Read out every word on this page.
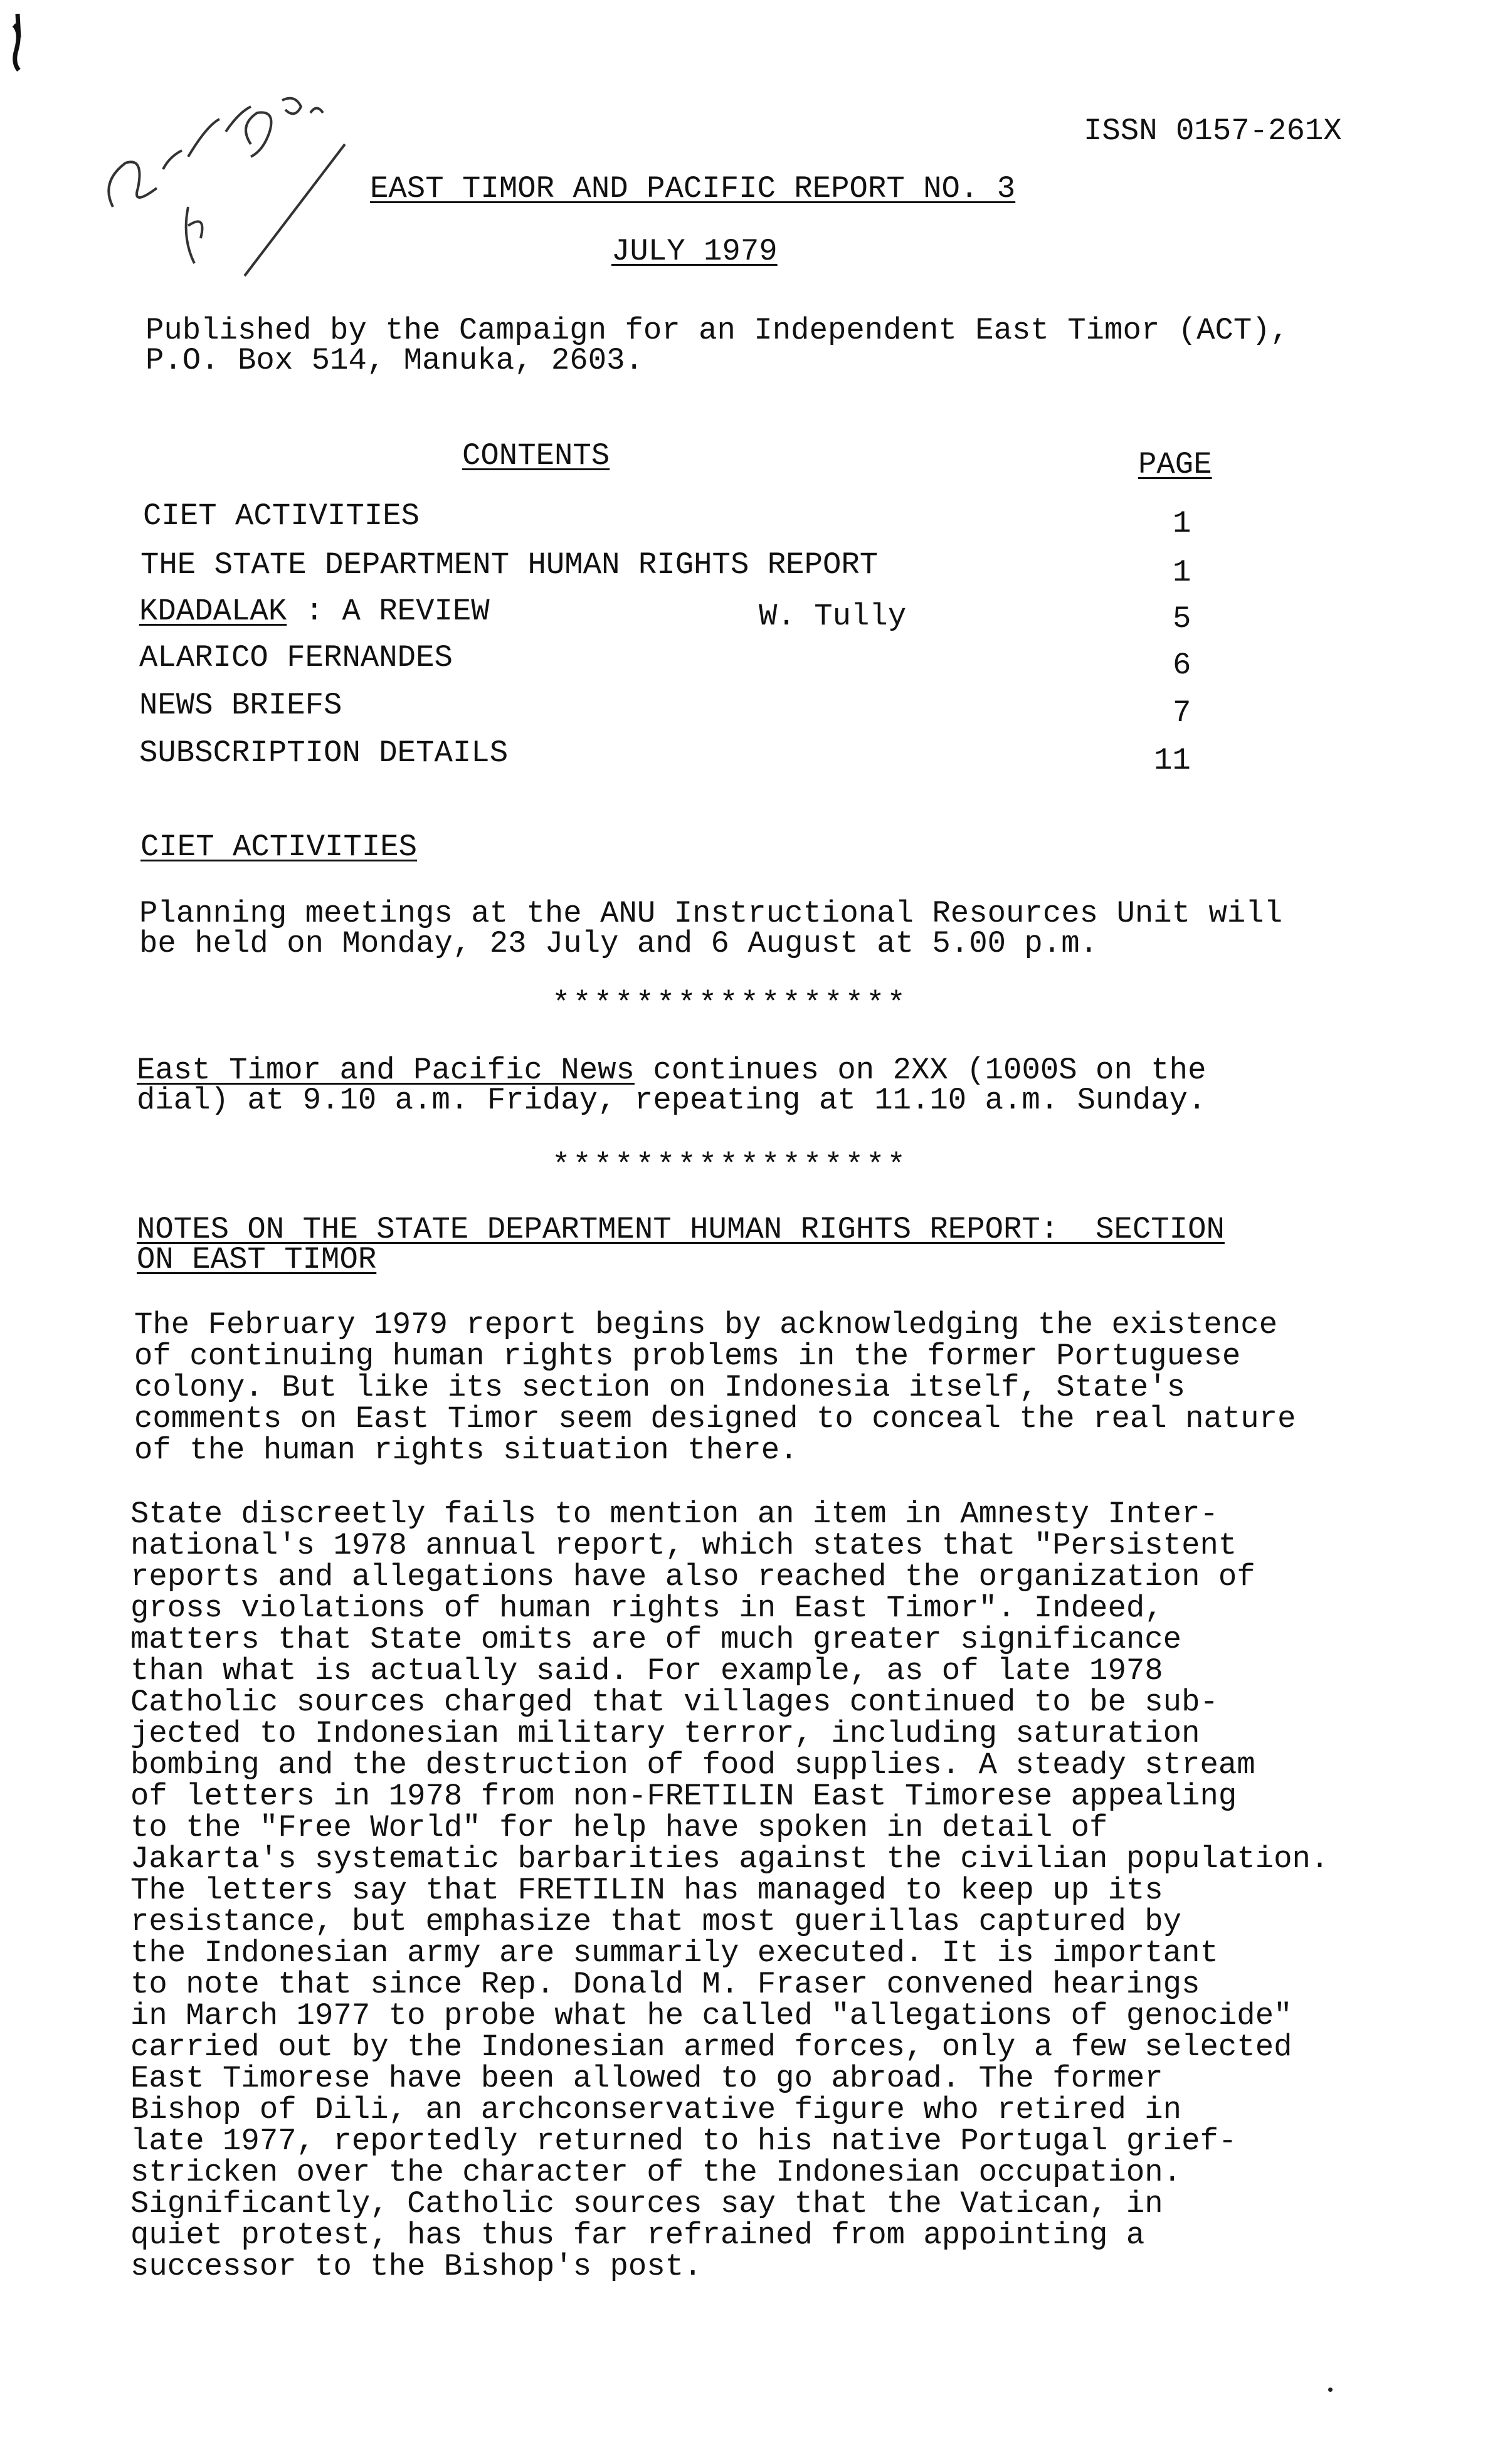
ISSN 0157-261X
EAST TIMOR AND PACIFIC REPORT NO. 3
JULY 1979
Published by the Campaign for an Independent East Timor (ACT),
P.O. Box 514, Manuka, 2603.
CONTENTS	PAGE
CIET ACTIVITIES	1
THE STATE DEPARTMENT HUMAN RIGHTS REPORT	1
KDADALAK : A REVIEW	W. Tully	5
ALARICO FERNANDES	6
NEWS BRIEFS	7
SUBSCRIPTION DETAILS	11
CIET ACTIVITIES
Planning meetings at the ANU Instructional Resources Unit will
be held on Monday, 23 July and 6 August at 5.00 p.m.
*****************
East Timor and Pacific News continues on 2XX (1000S on the
dial) at 9.10 a.m. Friday, repeating at 11.10 a.m. Sunday.
*****************
NOTES ON THE STATE DEPARTMENT HUMAN RIGHTS REPORT:  SECTION
ON EAST TIMOR
The February 1979 report begins by acknowledging the existence
of continuing human rights problems in the former Portuguese
colony. But like its section on Indonesia itself, State's
comments on East Timor seem designed to conceal the real nature
of the human rights situation there.
State discreetly fails to mention an item in Amnesty Inter-
national's 1978 annual report, which states that "Persistent
reports and allegations have also reached the organization of
gross violations of human rights in East Timor". Indeed,
matters that State omits are of much greater significance
than what is actually said. For example, as of late 1978
Catholic sources charged that villages continued to be sub-
jected to Indonesian military terror, including saturation
bombing and the destruction of food supplies. A steady stream
of letters in 1978 from non-FRETILIN East Timorese appealing
to the "Free World" for help have spoken in detail of
Jakarta's systematic barbarities against the civilian population.
The letters say that FRETILIN has managed to keep up its
resistance, but emphasize that most guerillas captured by
the Indonesian army are summarily executed. It is important
to note that since Rep. Donald M. Fraser convened hearings
in March 1977 to probe what he called "allegations of genocide"
carried out by the Indonesian armed forces, only a few selected
East Timorese have been allowed to go abroad. The former
Bishop of Dili, an archconservative figure who retired in
late 1977, reportedly returned to his native Portugal grief-
stricken over the character of the Indonesian occupation.
Significantly, Catholic sources say that the Vatican, in
quiet protest, has thus far refrained from appointing a
successor to the Bishop's post.
